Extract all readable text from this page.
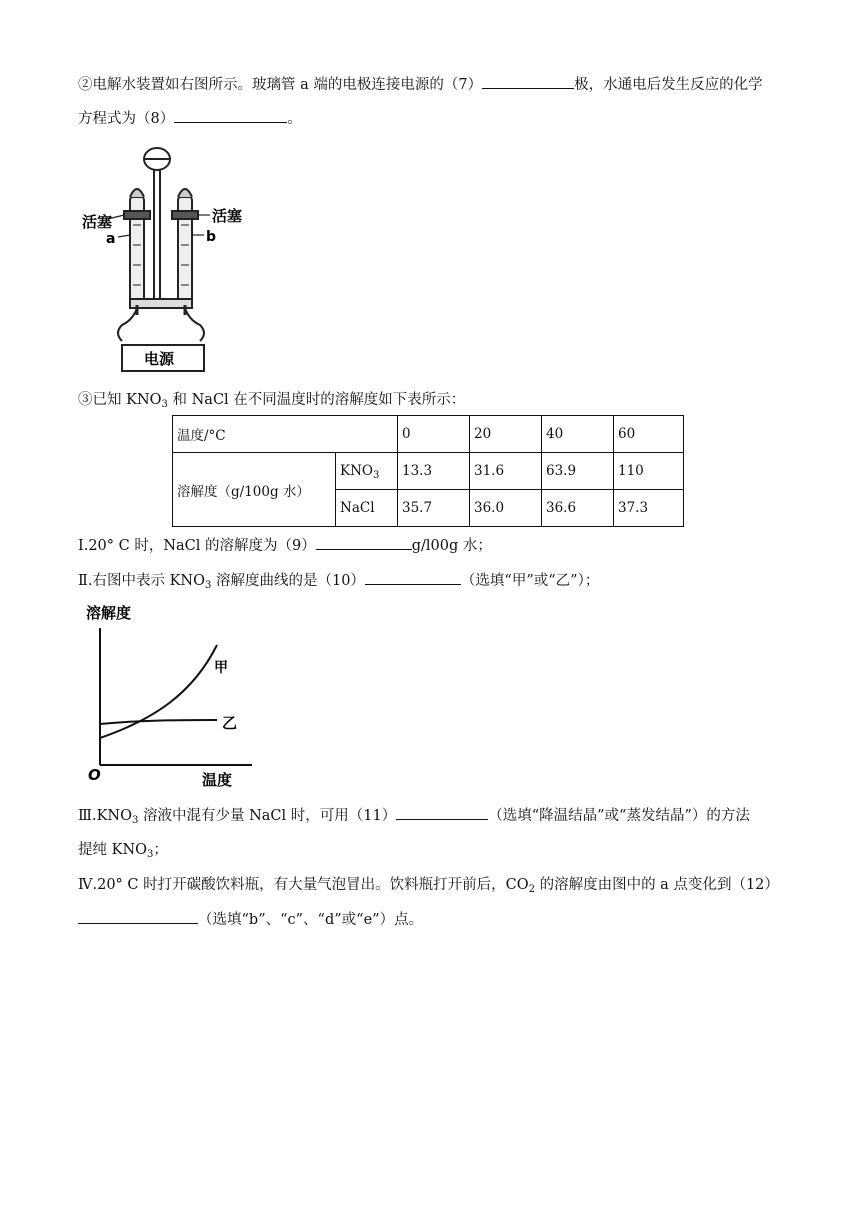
②电解水装置如右图所示。玻璃管 a 端的电极连接电源的（7）	极，水通电后发生反应的化学
方程式为（8）	。
活塞	活塞
a	b
电源
③已知 $KNO_3$ 和 NaCl 在不同温度时的溶解度如下表所示：
温度/°C		0	20	40	60
溶解度（g/100g 水）	$KNO_3$	13.3	31.6	63.9	110
	NaCl	35.7	36.0	36.6	37.3
Ⅰ.20° C 时，NaCl 的溶解度为（9）	g/l00g 水；
Ⅱ.右图中表示 $KNO_3$ 溶解度曲线的是（10）	（选填“甲”或“乙”）；
溶解度
甲
乙
O	温度
$Ⅲ.KNO_3$ 溶液中混有少量 NaCl 时，可用（11）	（选填“降温结晶”或“蒸发结晶”）的方法
提纯 $KNO_3$；
Ⅳ.20° C 时打开碳酸饮料瓶，有大量气泡冒出。饮料瓶打开前后，$CO_2$ 的溶解度由图中的 a 点变化到（12）
（选填“b”、“c”、“d”或“e”）点。
